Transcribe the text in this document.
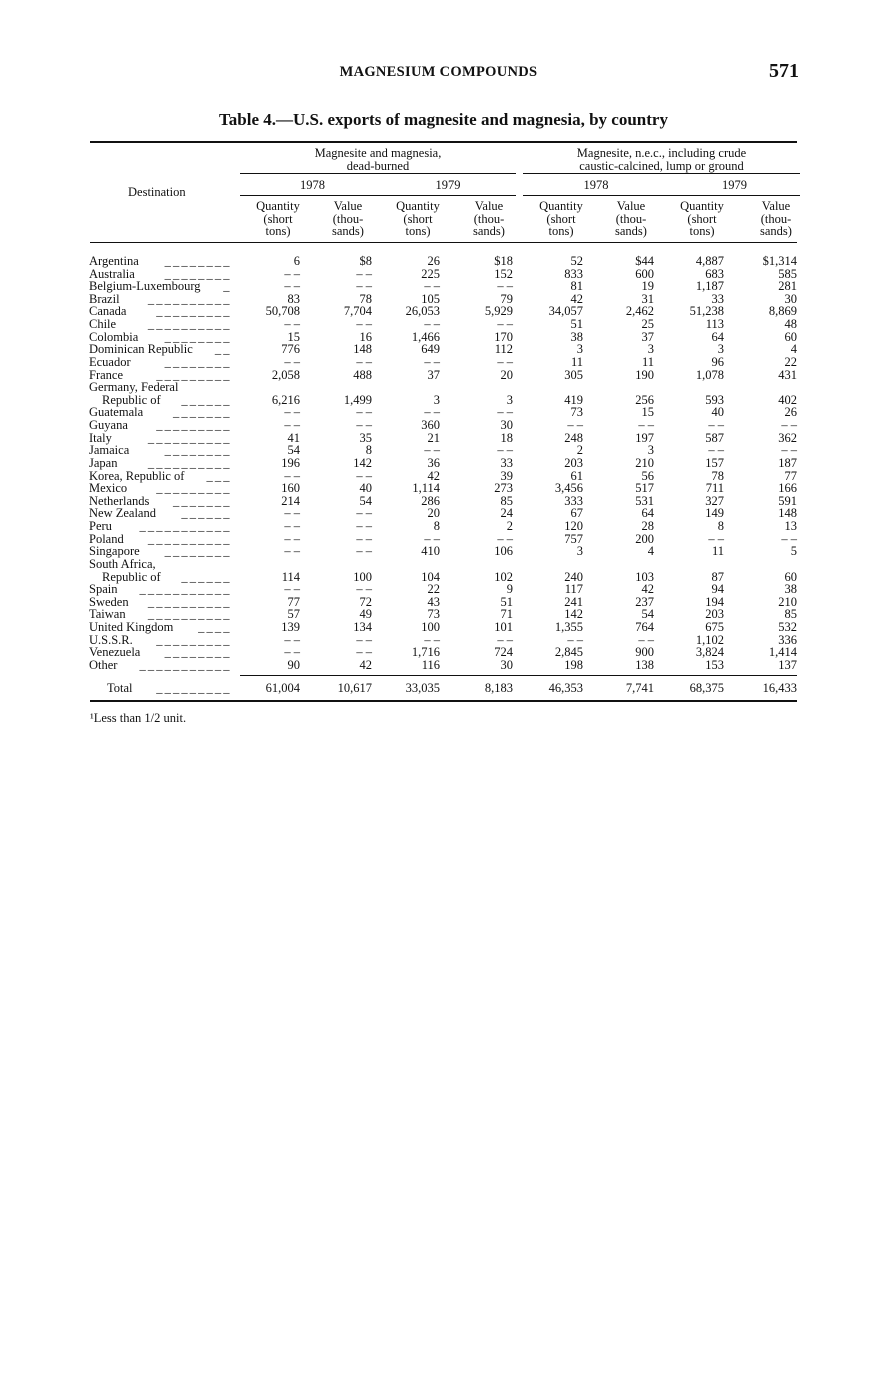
MAGNESIUM COMPOUNDS	571
Table 4.—U.S. exports of magnesite and magnesia, by country
Destination
Magnesite and magnesia,
dead-burned
Magnesite, n.e.c., including crude
caustic-calcined, lump or ground
1978	1979	1978	1979
Quantity
(short
tons)
Value
(thou-
sands)
Quantity
(short
tons)
Value
(thou-
sands)
Quantity
(short
tons)
Value
(thou-
sands)
Quantity
(short
tons)
Value
(thou-
sands)
Argentina _ _ _ _ _ _ _ _	6	$8	26	$18	52	$44	4,887	$1,314
Australia _ _ _ _ _ _ _ _	– –	– –	225	152	833	600	683	585
Belgium-Luxembourg _	– –	– –	– –	– –	81	19	1,187	281
Brazil _ _ _ _ _ _ _ _ _ _	83	78	105	79	42	31	33	30
Canada _ _ _ _ _ _ _ _ _	50,708	7,704	26,053	5,929	34,057	2,462	51,238	8,869
Chile	_ _ _ _ _ _ _ _ _ _	– –	– –	– –	– –	51	25	113	48
Colombia _ _ _ _ _ _ _ _	15	16	1,466	170	38	37	64	60
Dominican Republic _ _	776	148	649	112	3	3	3	4
Ecuador	_ _ _ _ _ _ _ _	– –	– –	– –	– –	11	11	96	22
France	_ _ _ _ _ _ _ _ _	2,058	488	37	20	305	190	1,078	431
Germany, Federal
Republic of _ _ _ _ _ _	6,216	1,499	3	3	419	256	593	402
Guatemala _ _ _ _ _ _ _	– –	– –	– –	– –	73	15	40	26
Guyana _ _ _ _ _ _ _ _ _	– –	– –	360	30	– –	– –	– –	– –
Italy	_ _ _ _ _ _ _ _ _ _	41	35	21	18	248	197	587	362
Jamaica	_ _ _ _ _ _ _ _	54	8	– –	– –	2	3	– –	– –
Japan _ _ _ _ _ _ _ _ _ _	196	142	36	33	203	210	157	187
Korea, Republic of _ _ _	– –	– –	42	39	61	56	78	77
Mexico _ _ _ _ _ _ _ _ _	160	40	1,114	273	3,456	517	711	166
Netherlands _ _ _ _ _ _ _	214	54	286	85	333	531	327	591
New Zealand _ _ _ _ _ _	– –	– –	20	24	67	64	149	148
Peru _ _ _ _ _ _ _ _ _ _ _	– –	– –	8	2	120	28	8	13
Poland _ _ _ _ _ _ _ _ _ _	– –	– –	– –	– –	757	200	– –	– –
Singapore _ _ _ _ _ _ _ _	– –	– –	410	106	3	4	11	5
South Africa,
Republic of _ _ _ _ _ _	114	100	104	102	240	103	87	60
Spain _ _ _ _ _ _ _ _ _ _ _	– –	– –	22	9	117	42	94	38
Sweden _ _ _ _ _ _ _ _ _ _	77	72	43	51	241	237	194	210
Taiwan _ _ _ _ _ _ _ _ _ _	57	49	73	71	142	54	203	85
United Kingdom _ _ _ _	139	134	100	101	1,355	764	675	532
U.S.S.R. _ _ _ _ _ _ _ _ _	– –	– –	– –	– –	– –	– –	1,102	336
Venezuela _ _ _ _ _ _ _ _	– –	– –	1,716	724	2,845	900	3,824	1,414
Other _ _ _ _ _ _ _ _ _ _ _	90	42	116	30	198	138	153	137
Total _ _ _ _ _ _ _ _ _	61,004	10,617	33,035	8,183	46,353	7,741	68,375	16,433
¹Less than 1/2 unit.
